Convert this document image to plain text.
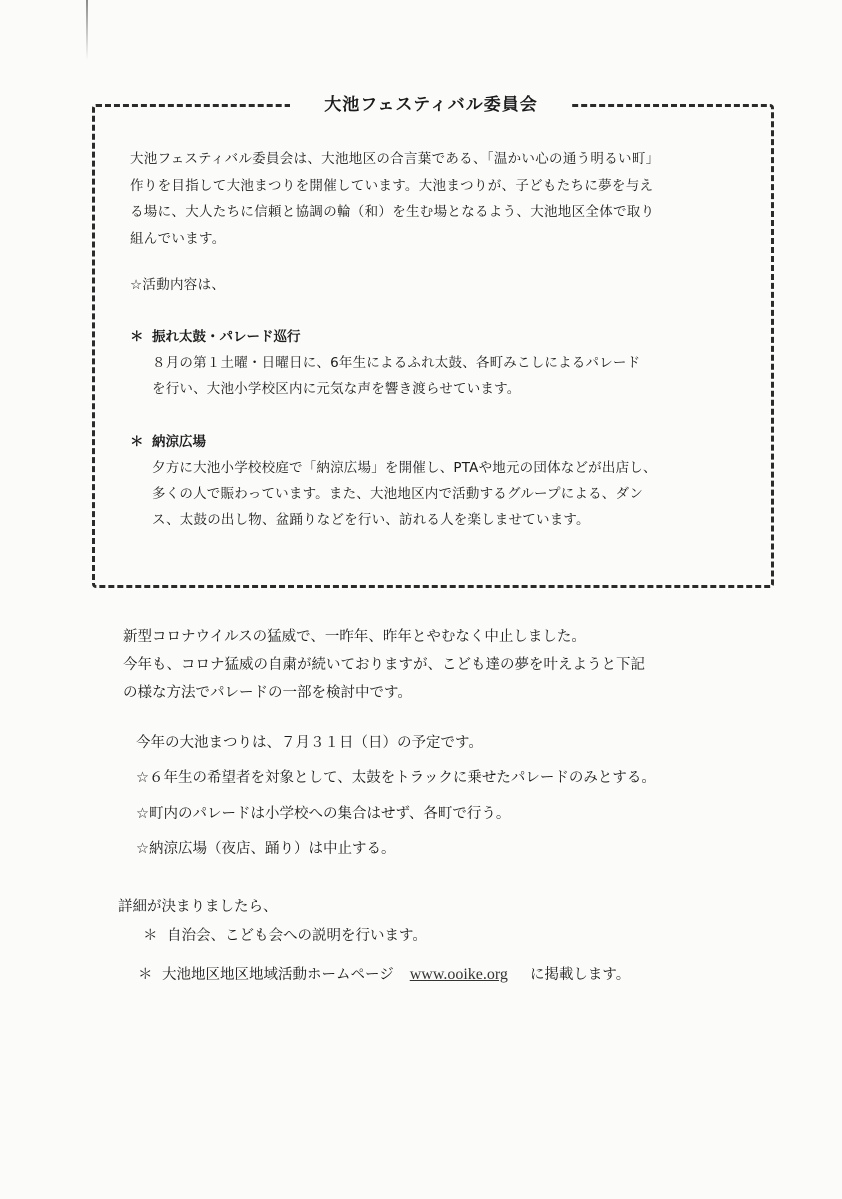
大池フェスティバル委員会

大池フェスティバル委員会は、大池地区の合言葉である、「温かい心の通う明るい町」

作りを目指して大池まつりを開催しています。大池まつりが、子どもたちに夢を与え

る場に、大人たちに信頼と協調の輪（和）を生む場となるよう、大池地区全体で取り

組んでいます。

☆活動内容は、
＊ 振れ太鼓・パレード巡行

８月の第１土曜・日曜日に、6年生によるふれ太鼓、各町みこしによるパレード

を行い、大池小学校区内に元気な声を響き渡らせています。

＊ 納涼広場

夕方に大池小学校校庭で「納涼広場」を開催し、PTAや地元の団体などが出店し、

多くの人で賑わっています。また、大池地区内で活動するグループによる、ダン

ス、太鼓の出し物、盆踊りなどを行い、訪れる人を楽しませています。

新型コロナウイルスの猛威で、一昨年、昨年とやむなく中止しました。

今年も、コロナ猛威の自粛が続いておりますが、こども達の夢を叶えようと下記

の様な方法でパレードの一部を検討中です。

今年の大池まつりは、７月３１日（日）の予定です。

☆６年生の希望者を対象として、太鼓をトラックに乗せたパレードのみとする。

☆町内のパレードは小学校への集合はせず、各町で行う。

☆納涼広場（夜店、踊り）は中止する。

詳細が決まりましたら、

＊ 自治会、こども会への説明を行います。

＊ 大池地区地区地域活動ホームページ www.ooike.org に掲載します。
